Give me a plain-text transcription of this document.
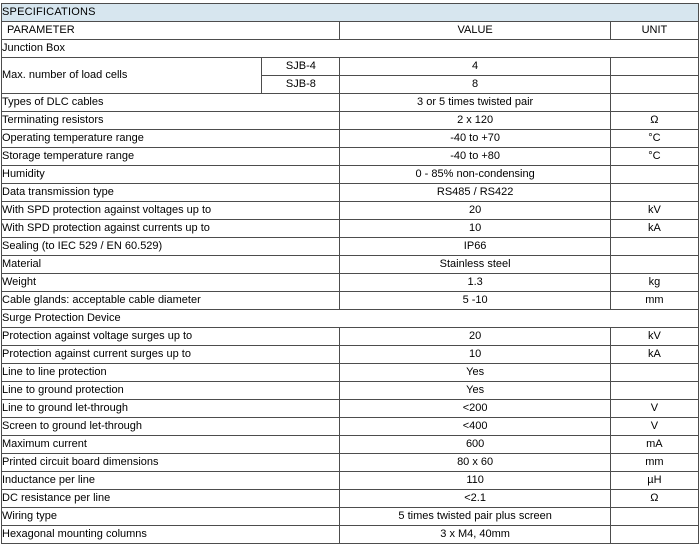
SPECIFICATIONS			
PARAMETER		VALUE	UNIT
Junction Box			
Max. number of load cells	SJB-4	4	
	SJB-8	8	
Types of DLC cables		3 or 5 times twisted pair	
Terminating resistors		2 x 120	Ω
Operating temperature range		-40 to +70	°C
Storage temperature range		-40 to +80	°C
Humidity		0 - 85% non-condensing	
Data transmission type		RS485 / RS422	
With SPD protection against voltages up to		20	kV
With SPD protection against currents up to		10	kA
Sealing (to IEC 529 / EN 60.529)		IP66	
Material		Stainless steel	
Weight		1.3	kg
Cable glands: acceptable cable diameter		5 -10	mm
Surge Protection Device			
Protection against voltage surges up to		20	kV
Protection against current surges up to		10	kA
Line to line protection		Yes	
Line to ground protection		Yes	
Line to ground let-through		<200	V
Screen to ground let-through		<400	V
Maximum current		600	mA
Printed circuit board dimensions		80 x 60	mm
Inductance per line		110	µH
DC resistance per line		<2.1	Ω
Wiring type		5 times twisted pair plus screen	
Hexagonal mounting columns		3 x M4, 40mm	
